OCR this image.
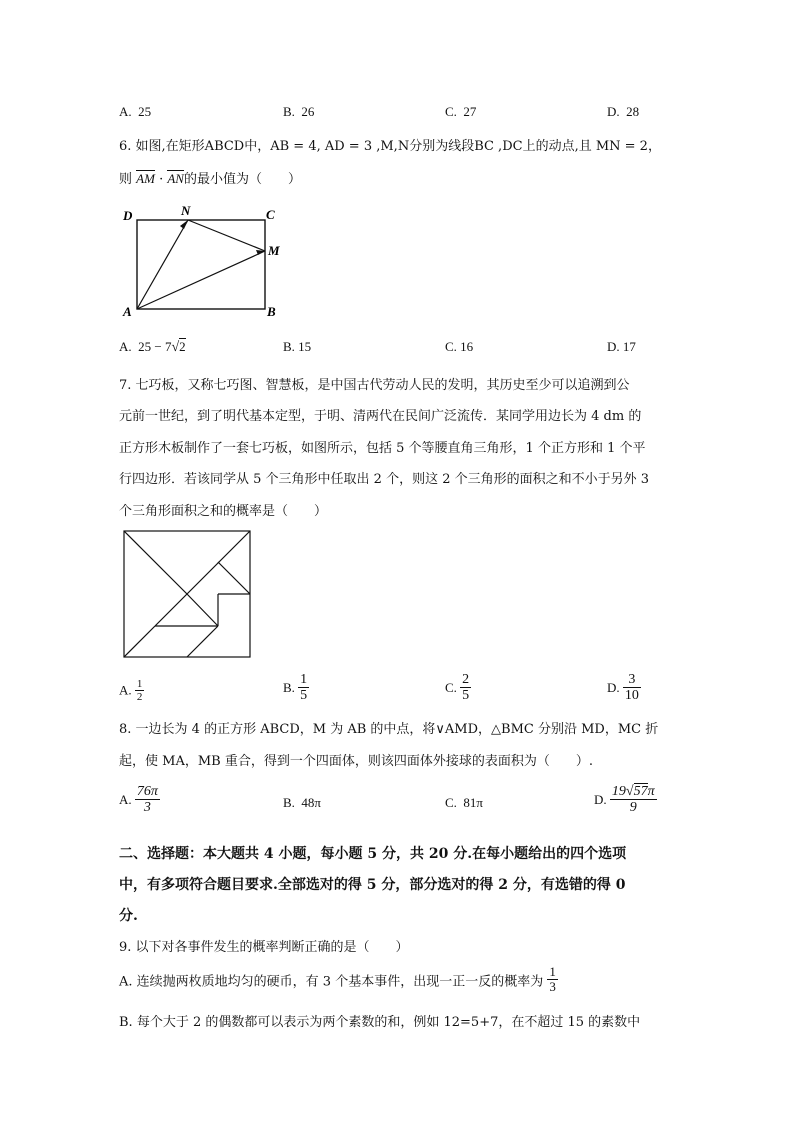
A. 25	B. 26	C. 27	D. 28
6. 如图,在矩形ABCD中，AB = 4, AD = 3 ,M,N分别为线段BC ,DC上的动点,且 MN = 2，
则 AM · AN的最小值为（　　）
D	N	C
M
A	B
A. 25 − 7√2	B. 15	C. 16	D. 17
7. 七巧板，又称七巧图、智慧板，是中国古代劳动人民的发明，其历史至少可以追溯到公
元前一世纪，到了明代基本定型，于明、清两代在民间广泛流传．某同学用边长为 4 dm 的
正方形木板制作了一套七巧板，如图所示，包括 5 个等腰直角三角形，1 个正方形和 1 个平
行四边形．若该同学从 5 个三角形中任取出 2 个，则这 2 个三角形的面积之和不小于另外 3
个三角形面积之和的概率是（　　）
A. $\frac{1}{2}$	B. $\frac{1}{5}$	C. $\frac{2}{5}$	D. $\frac{3}{10}$
8. 一边长为 4 的正方形 ABCD，M 为 AB 的中点，将∨AMD，△BMC 分别沿 MD，MC 折
起，使 MA，MB 重合，得到一个四面体，则该四面体外接球的表面积为（　　）.
A. $\frac{76\pi}{3}$	B. 48π	C. 81π	D. $\frac{19√57\pi}{9}$
二、选择题：本大题共 4 小题，每小题 5 分，共 20 分.在每小题给出的四个选项
中，有多项符合题目要求.全部选对的得 5 分，部分选对的得 2 分，有选错的得 0
分.
9. 以下对各事件发生的概率判断正确的是（　　）
A. 连续抛两枚质地均匀的硬币，有 3 个基本事件，出现一正一反的概率为 $\frac{1}{3}$
B. 每个大于 2 的偶数都可以表示为两个素数的和，例如 12=5+7，在不超过 15 的素数中
